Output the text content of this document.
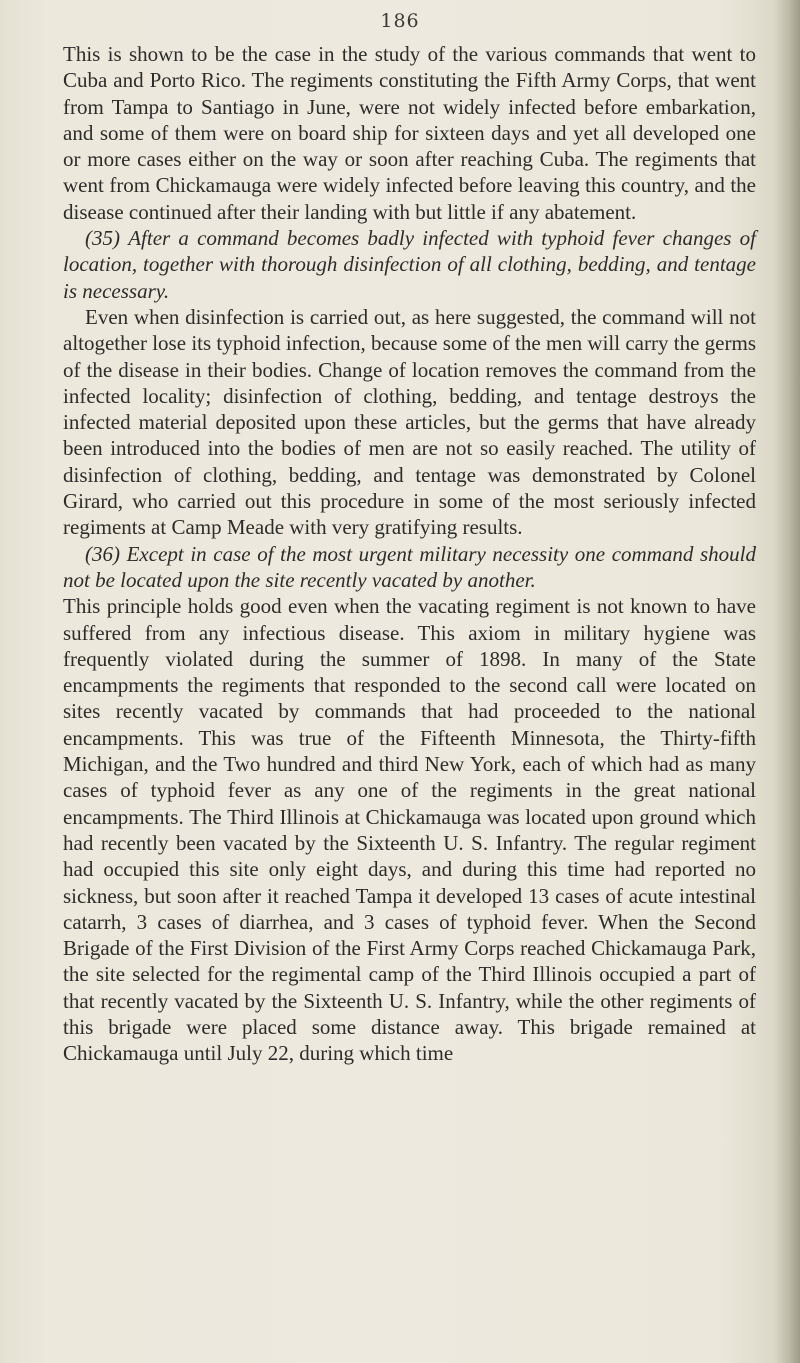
186

This is shown to be the case in the study of the various commands that went to Cuba and Porto Rico. The regiments constituting the Fifth Army Corps, that went from Tampa to Santiago in June, were not widely infected before embarkation, and some of them were on board ship for sixteen days and yet all developed one or more cases either on the way or soon after reaching Cuba. The regiments that went from Chickamauga were widely infected before leaving this country, and the disease continued after their landing with but little if any abatement.

(35) After a command becomes badly infected with typhoid fever changes of location, together with thorough disinfection of all clothing, bedding, and tentage is necessary.

Even when disinfection is carried out, as here suggested, the command will not altogether lose its typhoid infection, because some of the men will carry the germs of the disease in their bodies. Change of location removes the command from the infected locality; disinfection of clothing, bedding, and tentage destroys the infected material deposited upon these articles, but the germs that have already been introduced into the bodies of men are not so easily reached. The utility of disinfection of clothing, bedding, and tentage was demonstrated by Colonel Girard, who carried out this procedure in some of the most seriously infected regiments at Camp Meade with very gratifying results.

(36) Except in case of the most urgent military necessity one command should not be located upon the site recently vacated by another.

This principle holds good even when the vacating regiment is not known to have suffered from any infectious disease. This axiom in military hygiene was frequently violated during the summer of 1898. In many of the State encampments the regiments that responded to the second call were located on sites recently vacated by commands that had proceeded to the national encampments. This was true of the Fifteenth Minnesota, the Thirty-fifth Michigan, and the Two hundred and third New York, each of which had as many cases of typhoid fever as any one of the regiments in the great national encampments. The Third Illinois at Chickamauga was located upon ground which had recently been vacated by the Sixteenth U. S. Infantry. The regular regiment had occupied this site only eight days, and during this time had reported no sickness, but soon after it reached Tampa it developed 13 cases of acute intestinal catarrh, 3 cases of diarrhea, and 3 cases of typhoid fever. When the Second Brigade of the First Division of the First Army Corps reached Chickamauga Park, the site selected for the regimental camp of the Third Illinois occupied a part of that recently vacated by the Sixteenth U. S. Infantry, while the other regiments of this brigade were placed some distance away. This brigade remained at Chickamauga until July 22, during which time
